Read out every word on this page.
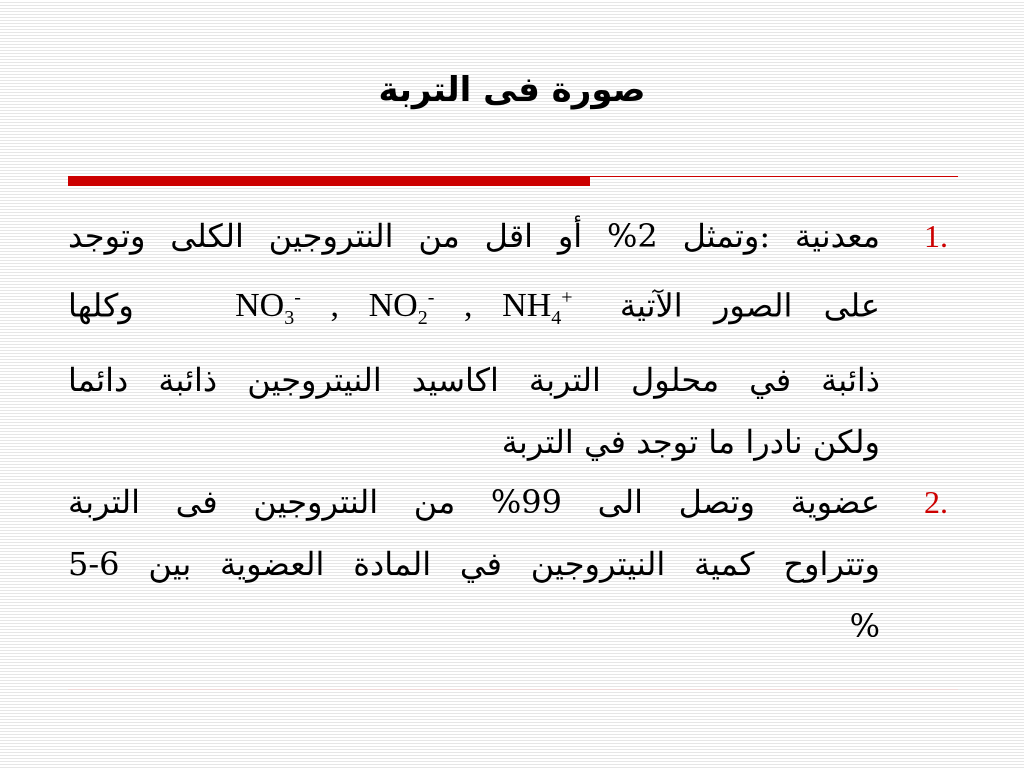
صورة فى التربة
1.
معدنية :وتمثل 2% أو اقل من النتروجين الكلى وتوجد
على الصور الآتية $NO_3^-$ , $NO_2^-$ , $NH_4^+$ وكلها
ذائبة في محلول التربة اكاسيد النيتروجين ذائبة دائما
ولكن نادرا ما توجد في التربة
2.
عضوية وتصل الى 99% من النتروجين فى التربة
وتتراوح كمية النيتروجين في المادة العضوية بين 6-5
%
